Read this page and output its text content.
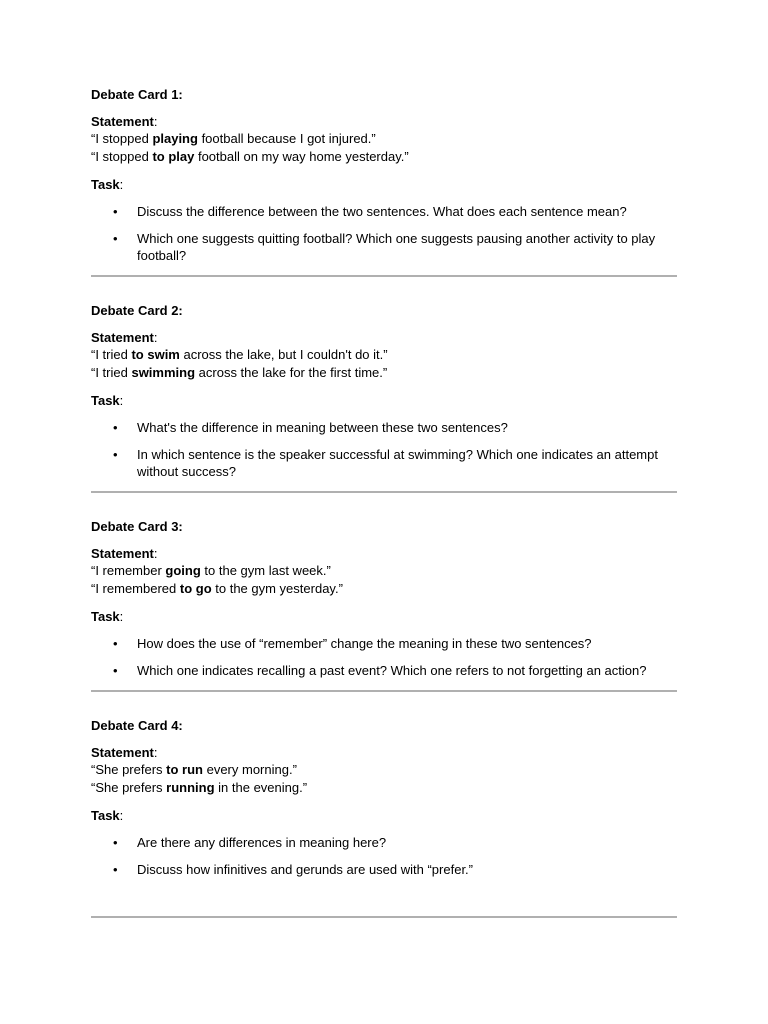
Debate Card 1:
Statement:
“I stopped playing football because I got injured.”
“I stopped to play football on my way home yesterday.”
Task:
• Discuss the difference between the two sentences. What does each sentence mean?
• Which one suggests quitting football? Which one suggests pausing another activity to play football?
Debate Card 2:
Statement:
“I tried to swim across the lake, but I couldn't do it.”
“I tried swimming across the lake for the first time.”
Task:
• What's the difference in meaning between these two sentences?
• In which sentence is the speaker successful at swimming? Which one indicates an attempt without success?
Debate Card 3:
Statement:
“I remember going to the gym last week.”
“I remembered to go to the gym yesterday.”
Task:
• How does the use of “remember” change the meaning in these two sentences?
• Which one indicates recalling a past event? Which one refers to not forgetting an action?
Debate Card 4:
Statement:
“She prefers to run every morning.”
“She prefers running in the evening.”
Task:
• Are there any differences in meaning here?
• Discuss how infinitives and gerunds are used with “prefer.”
